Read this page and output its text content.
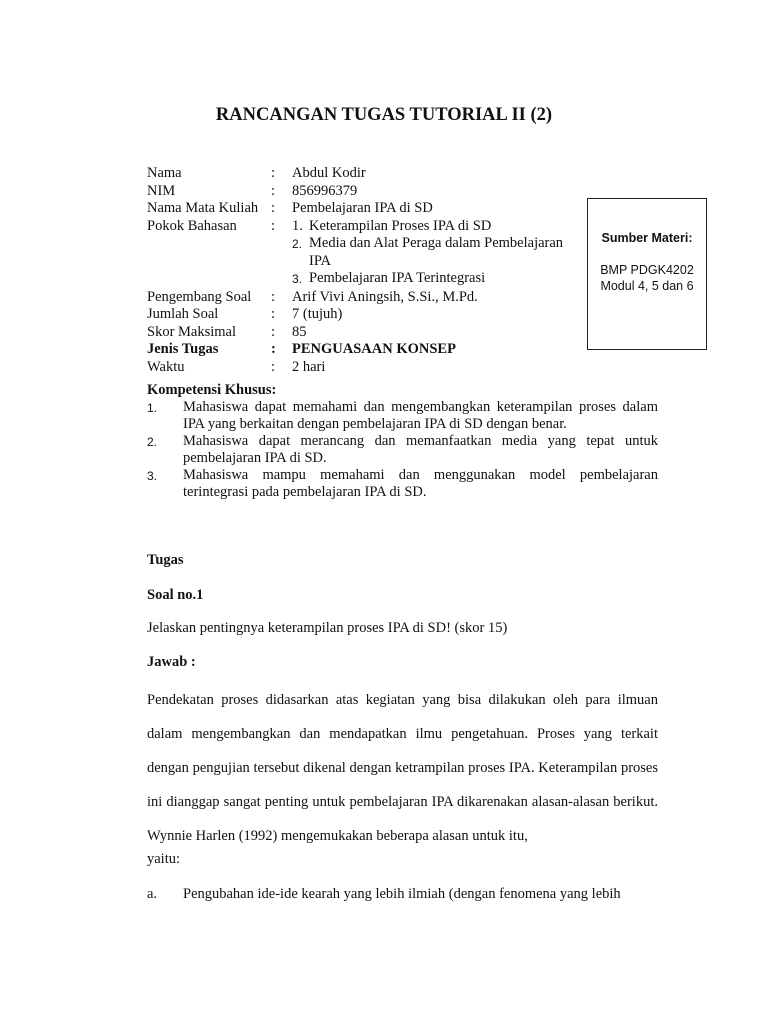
RANCANGAN TUGAS TUTORIAL II (2)
Nama	:	Abdul Kodir
NIM	:	856996379
Nama Mata Kuliah :	Pembelajaran IPA di SD
Pokok Bahasan	:	1. Keterampilan Proses IPA di SD
2. Media dan Alat Peraga dalam Pembelajaran IPA
3. Pembelajaran IPA Terintegrasi
Pengembang Soal	:	Arif Vivi Aningsih, S.Si., M.Pd.
Jumlah Soal	:	7 (tujuh)
Skor Maksimal	:	85
Jenis Tugas	:	PENGUASAAN KONSEP
Waktu	:	2 hari
Sumber Materi:
BMP PDGK4202
Modul 4, 5 dan 6
Kompetensi Khusus:
1.	Mahasiswa dapat memahami dan mengembangkan keterampilan proses dalam IPA yang berkaitan dengan pembelajaran IPA di SD dengan benar.
2.	Mahasiswa dapat merancang dan memanfaatkan media yang tepat untuk pembelajaran IPA di SD.
3.	Mahasiswa mampu memahami dan menggunakan model pembelajaran terintegrasi pada pembelajaran IPA di SD.
Tugas
Soal no.1
Jelaskan pentingnya keterampilan proses IPA di SD! (skor 15)
Jawab :
Pendekatan proses didasarkan atas kegiatan yang bisa dilakukan oleh para ilmuan dalam mengembangkan dan mendapatkan ilmu pengetahuan. Proses yang terkait dengan pengujian tersebut dikenal dengan ketrampilan proses IPA. Keterampilan proses ini dianggap sangat penting untuk pembelajaran IPA dikarenakan alasan-alasan berikut. Wynnie Harlen (1992) mengemukakan beberapa alasan untuk itu,
yaitu:
a.	Pengubahan ide-ide kearah yang lebih ilmiah (dengan fenomena yang lebih
